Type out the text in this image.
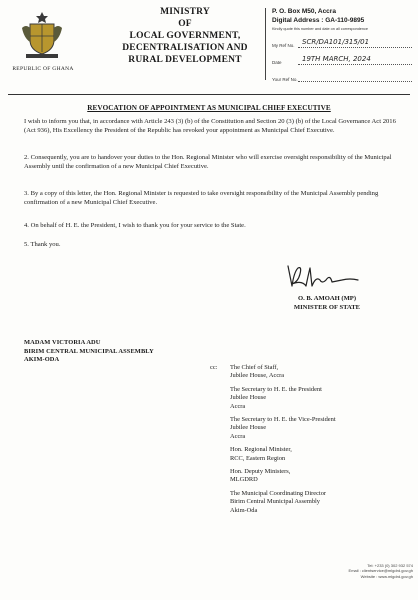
REPUBLIC OF GHANA
MINISTRY
OF
LOCAL GOVERNMENT,
DECENTRALISATION AND
RURAL DEVELOPMENT
P. O. Box M50, Accra
Digital Address : GA-110-9895
Kindly quote this number and date on all correspondence
My Ref No.	SCR/DA101/315/01
Date	19TH MARCH, 2024
Your Ref No.
REVOCATION OF APPOINTMENT AS MUNICIPAL CHIEF EXECUTIVE
I wish to inform you that, in accordance with Article 243 (3) (b) of the Constitution and Section 20 (3) (b) of the Local Governance Act 2016 (Act 936), His Excellency the President of the Republic has revoked your appointment as Municipal Chief Executive.
2. Consequently, you are to handover your duties to the Hon. Regional Minister who will exercise oversight responsibility of the Municipal Assembly until the confirmation of a new Municipal Chief Executive.
3. By a copy of this letter, the Hon. Regional Minister is requested to take oversight responsibility of the Municipal Assembly pending confirmation of a new Municipal Chief Executive.
4. On behalf of H. E. the President, I wish to thank you for your service to the State.
5. Thank you.
O. B. AMOAH (MP)
MINISTER OF STATE
MADAM VICTORIA ADU
BIRIM CENTRAL MUNICIPAL ASSEMBLY
AKIM-ODA
cc: The Chief of Staff,
Jubilee House, Accra
The Secretary to H. E. the President
Jubilee House
Accra
The Secretary to H. E. the Vice-President
Jubilee House
Accra
Hon. Regional Minister,
RCC, Eastern Region
Hon. Deputy Ministers,
MLGDRD
The Municipal Coordinating Director
Birim Central Municipal Assembly
Akim-Oda
Tel: +233 (0) 302 932 574
Email : clientservice@mlgdrd.gov.gh
Website : www.mlgdrd.gov.gh
